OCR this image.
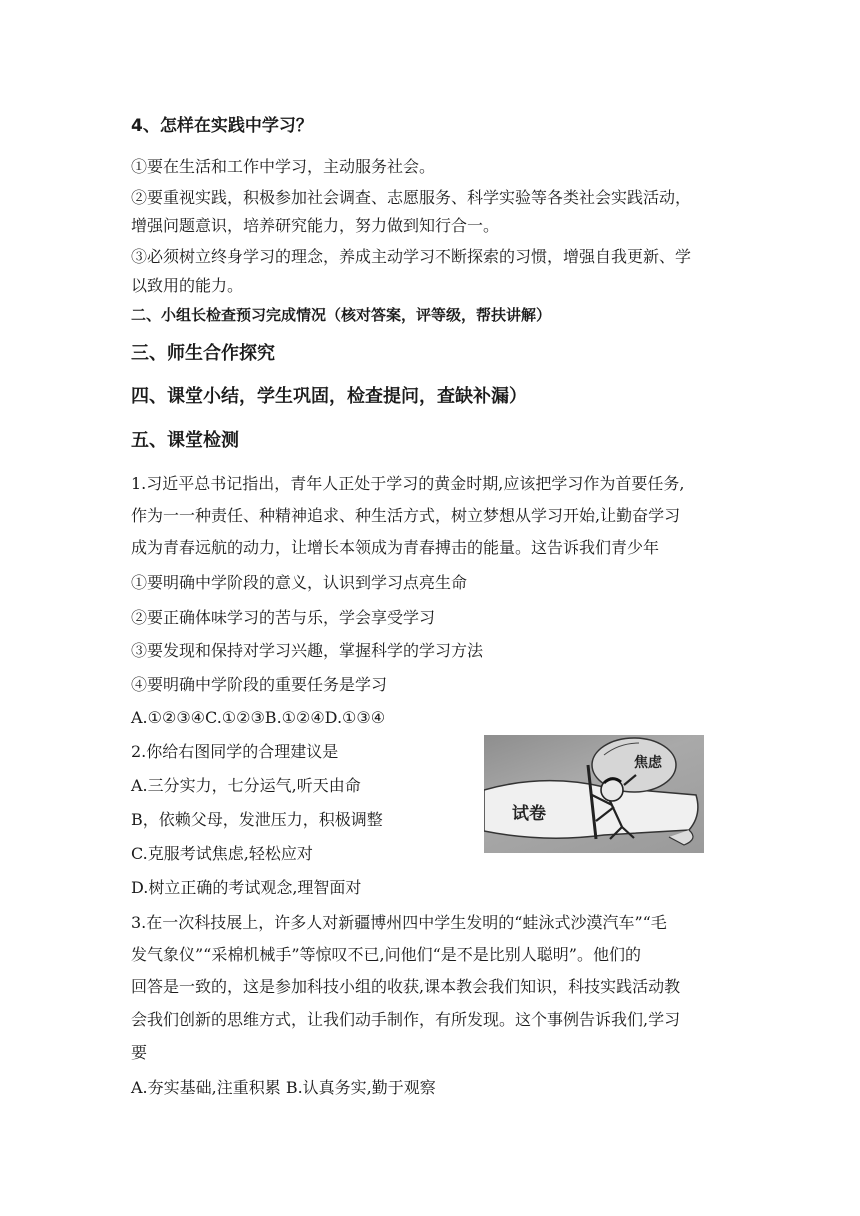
4、怎样在实践中学习？
①要在生活和工作中学习，主动服务社会。
②要重视实践，积极参加社会调查、志愿服务、科学实验等各类社会实践活动，
增强问题意识，培养研究能力，努力做到知行合一。
③必须树立终身学习的理念，养成主动学习不断探索的习惯，增强自我更新、学
以致用的能力。
二、小组长检查预习完成情况（核对答案，评等级，帮扶讲解）
三、师生合作探究
四、课堂小结，学生巩固，检查提问，查缺补漏）
五、课堂检测
1.习近平总书记指出，青年人正处于学习的黄金时期,应该把学习作为首要任务,
作为一一种责任、种精神追求、种生活方式，树立梦想从学习开始,让勤奋学习
成为青春远航的动力，让增长本领成为青春搏击的能量。这告诉我们青少年
①要明确中学阶段的意义，认识到学习点亮生命
②要正确体味学习的苦与乐，学会享受学习
③要发现和保持对学习兴趣，掌握科学的学习方法
④要明确中学阶段的重要任务是学习
A.①②③④C.①②③B.①②④D.①③④
2.你给右图同学的合理建议是
A.三分实力，七分运气,听天由命
B，依赖父母，发泄压力，积极调整
C.克服考试焦虑,轻松应对
D.树立正确的考试观念,理智面对
试卷
焦虑
3.在一次科技展上，许多人对新疆博州四中学生发明的“蛙泳式沙漠汽车”“毛
发气象仪”“采棉机械手”等惊叹不已,问他们“是不是比别人聪明”。他们的
回答是一致的，这是参加科技小组的收获,课本教会我们知识，科技实践活动教
会我们创新的思维方式，让我们动手制作，有所发现。这个事例告诉我们,学习
要
A.夯实基础,注重积累 B.认真务实,勤于观察
